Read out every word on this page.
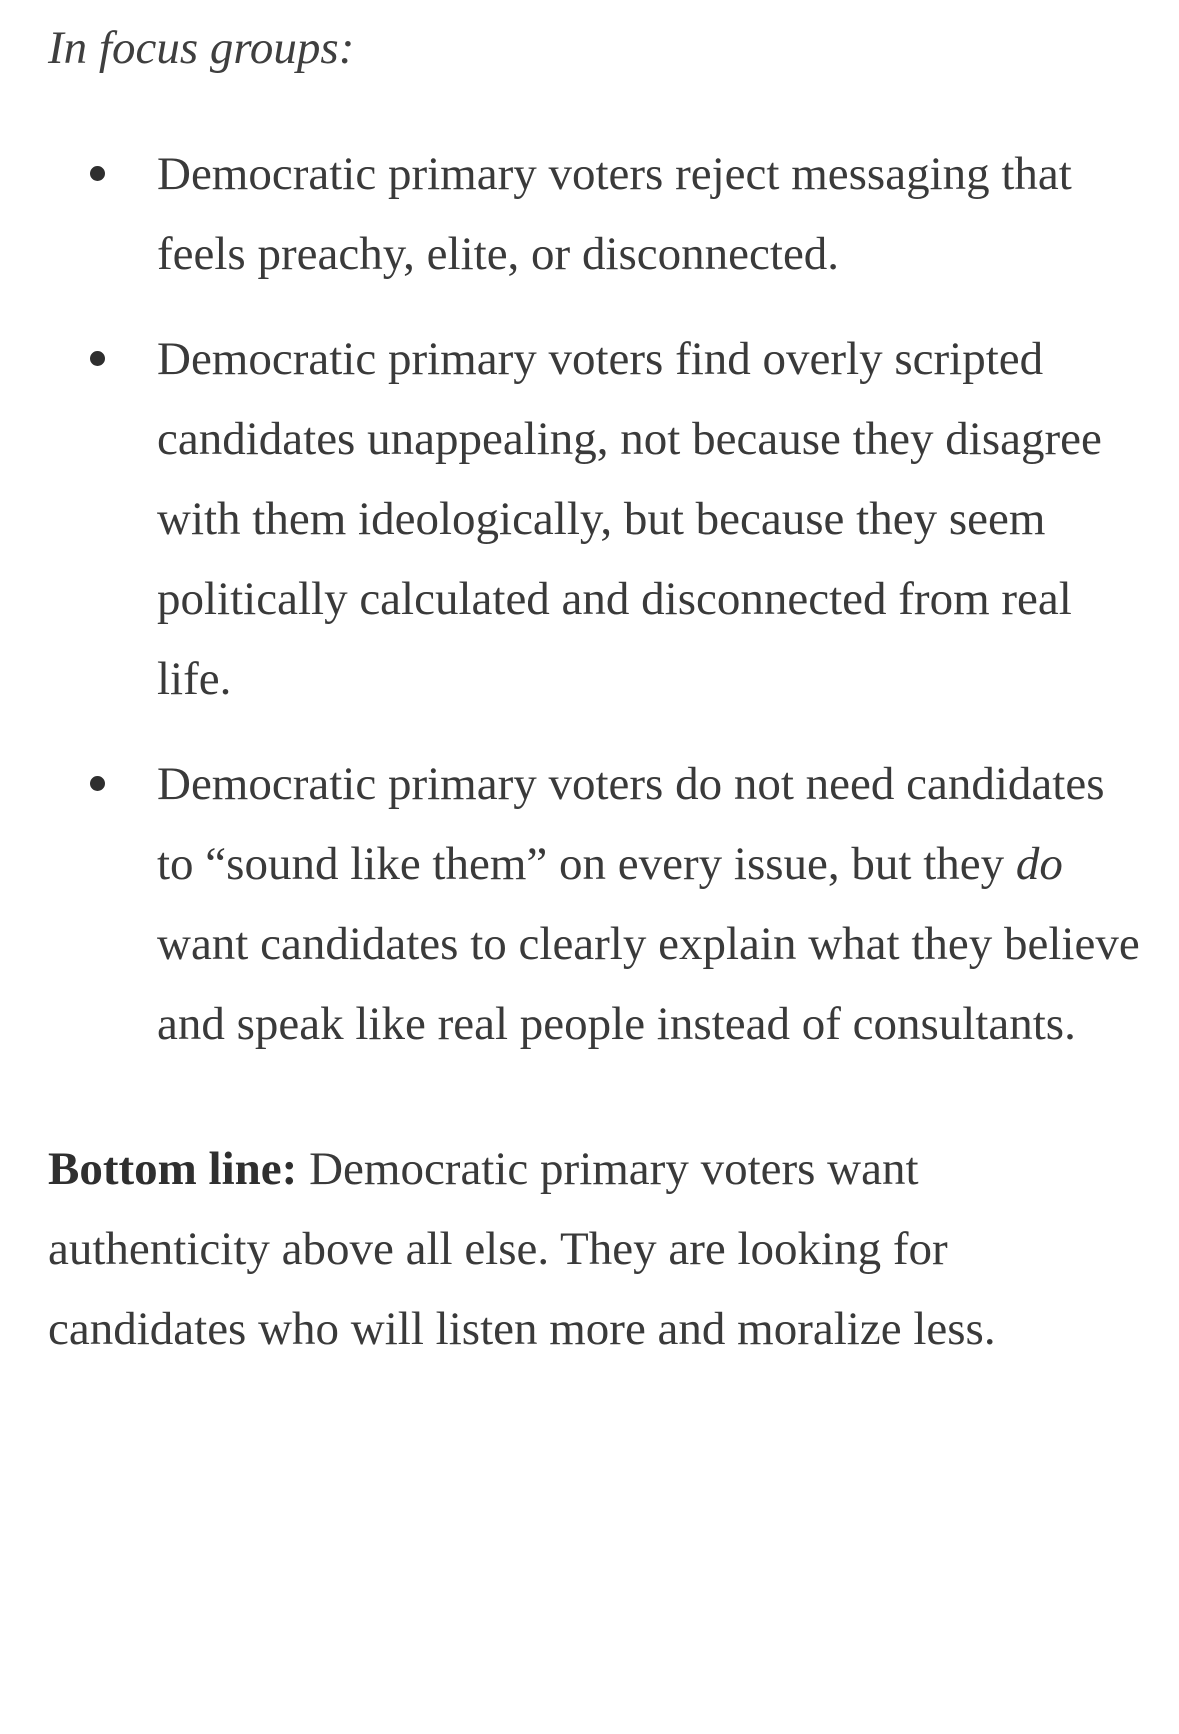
In focus groups:

Democratic primary voters reject messaging that feels preachy, elite, or disconnected.
Democratic primary voters find overly scripted candidates unappealing, not because they disagree with them ideologically, but because they seem politically calculated and disconnected from real life.
Democratic primary voters do not need candidates to “sound like them” on every issue, but they do want candidates to clearly explain what they believe and speak like real people instead of consultants.

Bottom line: Democratic primary voters want authenticity above all else. They are looking for candidates who will listen more and moralize less.
